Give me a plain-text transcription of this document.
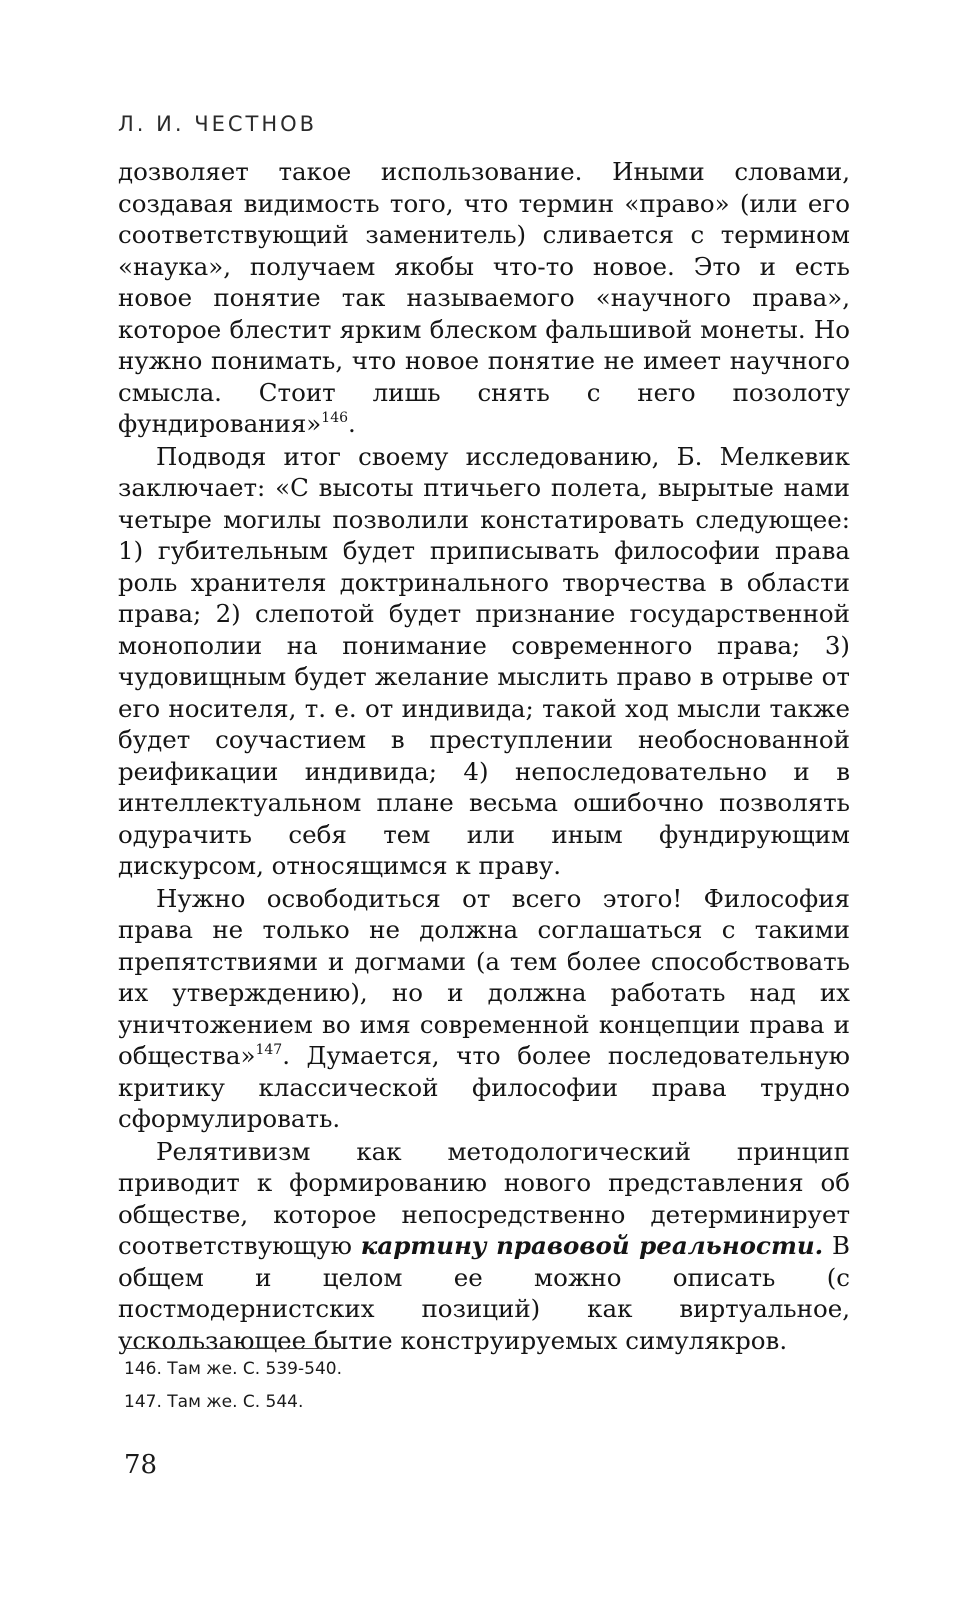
Л. И. ЧЕСТНОВ

дозволяет такое использование. Иными словами, создавая видимость того, что термин «право» (или его соответствующий заменитель) сливается с термином «наука», получаем якобы что-то новое. Это и есть новое понятие так называемого «научного права», которое блестит ярким блеском фальшивой монеты. Но нужно понимать, что новое понятие не имеет научного смысла. Стоит лишь снять с него позолоту фундирования»$^{146}$.

Подводя итог своему исследованию, Б. Мелкевик заключает: «С высоты птичьего полета, вырытые нами четыре могилы позволили констатировать следующее: 1) губительным будет приписывать философии права роль хранителя доктринального творчества в области права; 2) слепотой будет признание государственной монополии на понимание современного права; 3) чудовищным будет желание мыслить право в отрыве от его носителя, т. е. от индивида; такой ход мысли также будет соучастием в преступлении необоснованной реификации индивида; 4) непоследовательно и в интеллектуальном плане весьма ошибочно позволять одурачить себя тем или иным фундирующим дискурсом, относящимся к праву.

Нужно освободиться от всего этого! Философия права не только не должна соглашаться с такими препятствиями и догмами (а тем более способствовать их утверждению), но и должна работать над их уничтожением во имя современной концепции права и общества»$^{147}$. Думается, что более последовательную критику классической философии права трудно сформулировать.

Релятивизм как методологический принцип приводит к формированию нового представления об обществе, которое непосредственно детерминирует соответствующую картину правовой реальности. В общем и целом ее можно описать (с постмодернистских позиций) как виртуальное, ускользающее бытие конструируемых симулякров.

146. Там же. С. 539-540.
147. Там же. С. 544.
78
